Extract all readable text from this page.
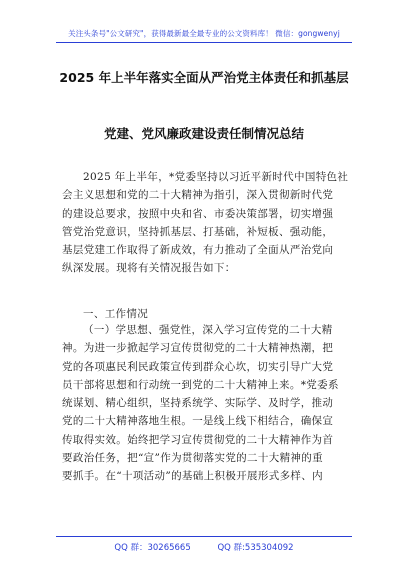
关注头条号"公文研究"，获得最新最全最专业的公文资料库！ 微信：gongwenyj
2025 年上半年落实全面从严治党主体责任和抓基层
党建、党风廉政建设责任制情况总结
2025 年上半年，*党委坚持以习近平新时代中国特色社
会主义思想和党的二十大精神为指引，深入贯彻新时代党
的建设总要求，按照中央和省、市委决策部署，切实增强
管党治党意识，坚持抓基层、打基础，补短板、强动能，
基层党建工作取得了新成效，有力推动了全面从严治党向
纵深发展。现将有关情况报告如下：
一、工作情况
（一）学思想、强党性，深入学习宣传党的二十大精
神。为进一步掀起学习宣传贯彻党的二十大精神热潮，把
党的各项惠民利民政策宣传到群众心坎，切实引导广大党
员干部将思想和行动统一到党的二十大精神上来。*党委系
统谋划、精心组织，坚持系统学、实际学、及时学，推动
党的二十大精神落地生根。一是线上线下相结合，确保宣
传取得实效。始终把学习宣传贯彻党的二十大精神作为首
要政治任务，把“宣”作为贯彻落实党的二十大精神的重
要抓手。在“十项活动”的基础上积极开展形式多样、内
QQ 群：30265665	QQ 群:535304092
